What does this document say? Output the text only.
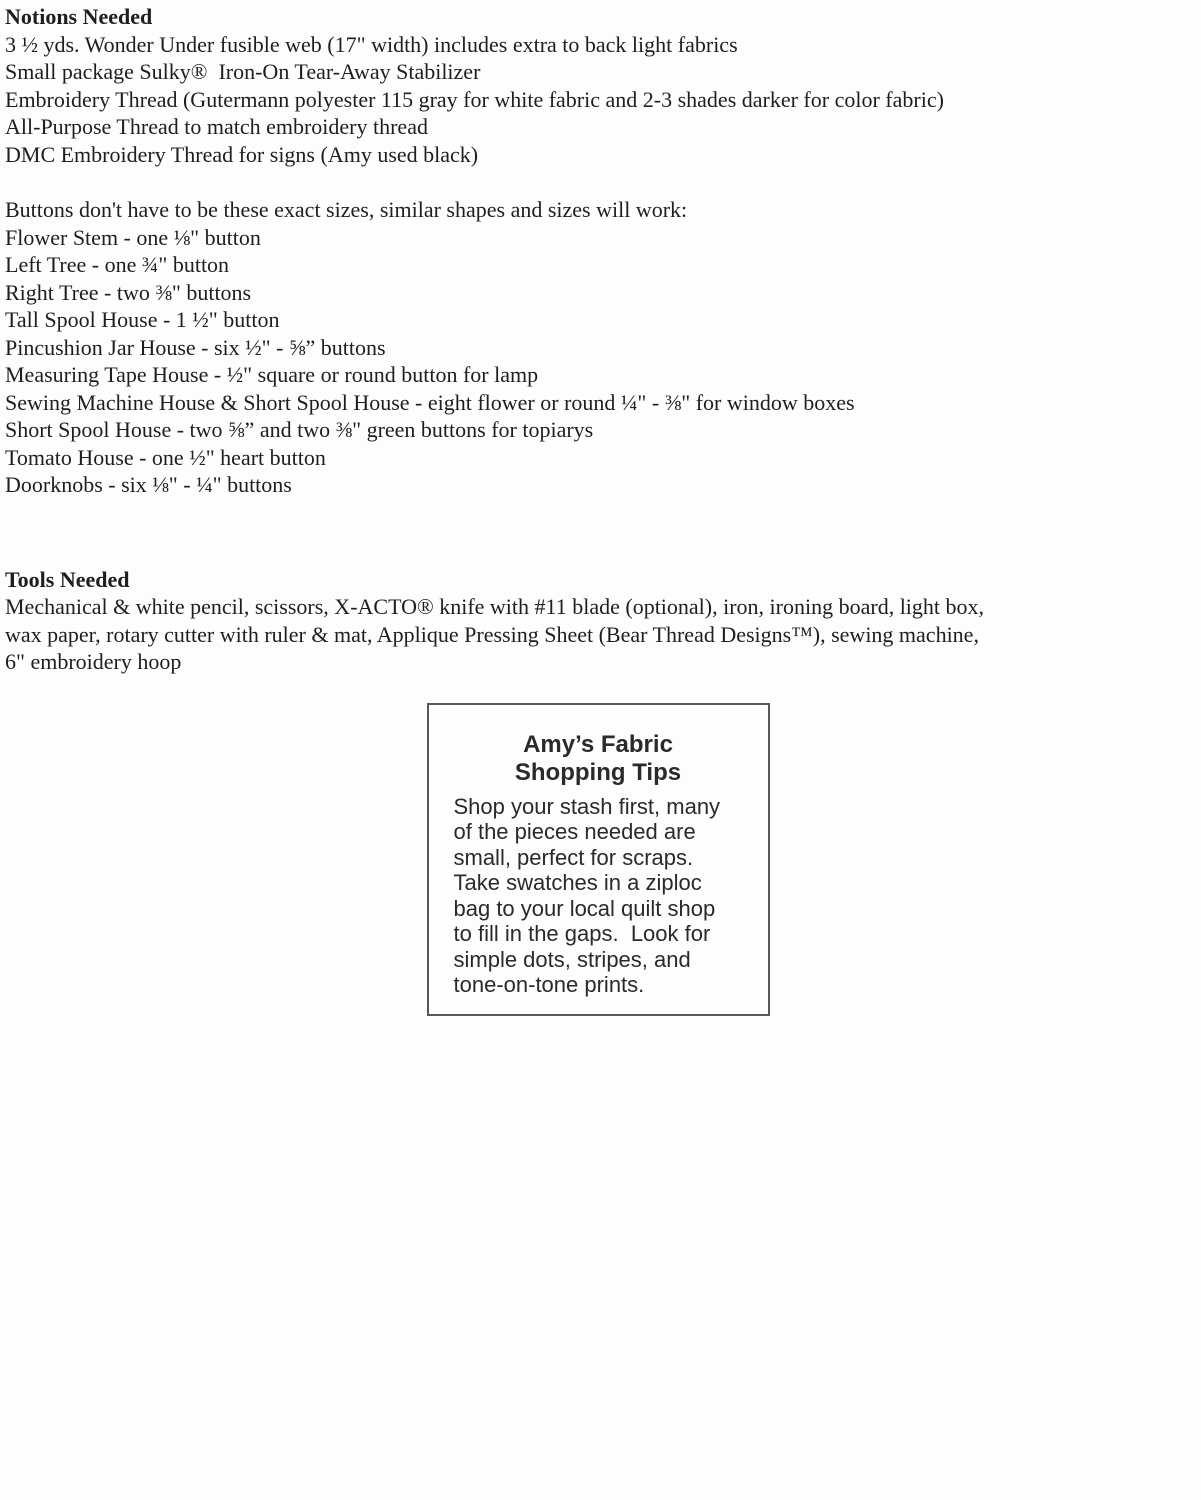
Notions Needed
3 ½ yds. Wonder Under fusible web (17" width) includes extra to back light fabrics
Small package Sulky®  Iron-On Tear-Away Stabilizer
Embroidery Thread (Gutermann polyester 115 gray for white fabric and 2-3 shades darker for color fabric)
All-Purpose Thread to match embroidery thread
DMC Embroidery Thread for signs (Amy used black)
Buttons don't have to be these exact sizes, similar shapes and sizes will work:
Flower Stem - one ⅛" button
Left Tree - one ¾" button
Right Tree - two ⅜" buttons
Tall Spool House - 1 ½" button
Pincushion Jar House - six ½" - ⅝” buttons
Measuring Tape House - ½" square or round button for lamp
Sewing Machine House & Short Spool House - eight flower or round ¼" - ⅜" for window boxes
Short Spool House - two ⅝” and two ⅜" green buttons for topiarys
Tomato House - one ½" heart button
Doorknobs - six ⅛" - ¼" buttons
Tools Needed
Mechanical & white pencil, scissors, X-ACTO® knife with #11 blade (optional), iron, ironing board, light box,
wax paper, rotary cutter with ruler & mat, Applique Pressing Sheet (Bear Thread Designs™), sewing machine,
6" embroidery hoop
Amy’s Fabric
Shopping Tips
Shop your stash first, many
of the pieces needed are
small, perfect for scraps.
Take swatches in a ziploc
bag to your local quilt shop
to fill in the gaps.  Look for
simple dots, stripes, and
tone-on-tone prints.
